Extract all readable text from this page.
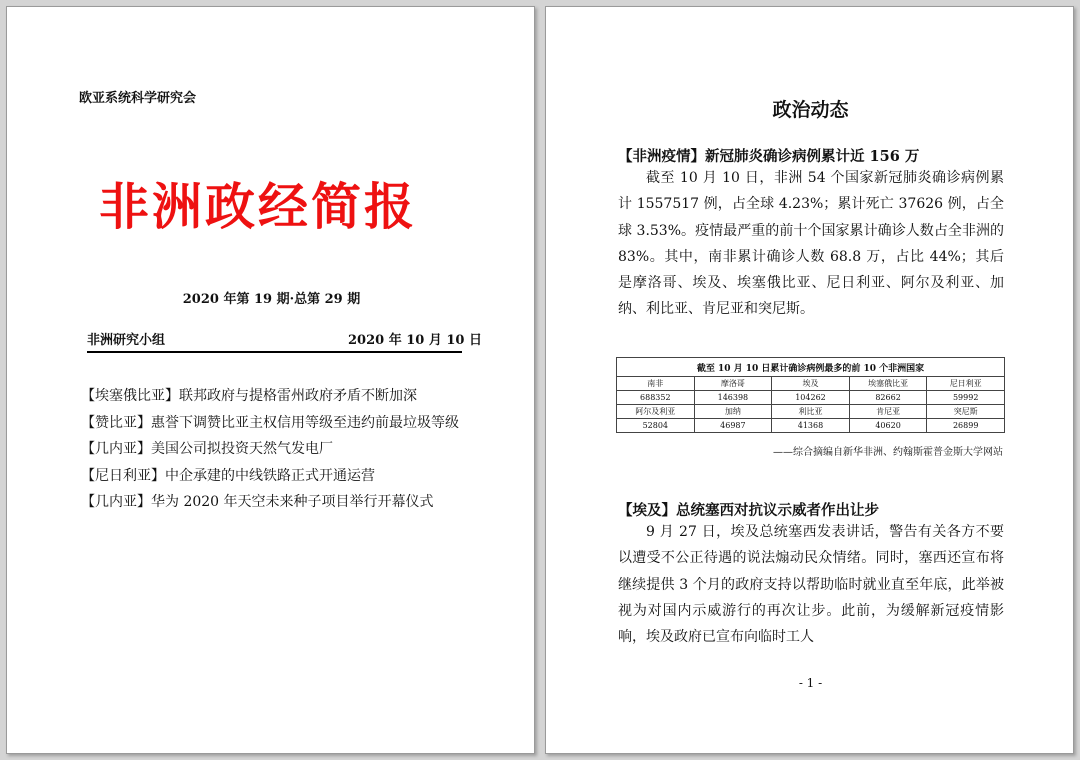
欧亚系统科学研究会
非洲政经简报
2020 年第 19 期·总第 29 期
非洲研究小组	2020 年 10 月 10 日
【埃塞俄比亚】 联邦政府与提格雷州政府矛盾不断加深
【赞比亚】 惠誉下调赞比亚主权信用等级至违约前最垃圾等级
【几内亚】 美国公司拟投资天然气发电厂
【尼日利亚】 中企承建的中线铁路正式开通运营
【几内亚】 华为 2020 年天空未来种子项目举行开幕仪式
政治动态
【非洲疫情】新冠肺炎确诊病例累计近 156 万

截至 10 月 10 日，非洲 54 个国家新冠肺炎确诊病例累计 1557517 例，占全球 4.23%；累计死亡 37626 例，占全球 3.53%。疫情最严重的前十个国家累计确诊人数占全非洲的 83%。其中，南非累计确诊人数 68.8 万，占比 44%；其后是摩洛哥、埃及、埃塞俄比亚、尼日利亚、阿尔及利亚、加纳、利比亚、肯尼亚和突尼斯。

截至 10 月 10 日累计确诊病例最多的前 10 个非洲国家				
南非	摩洛哥	埃及	埃塞俄比亚	尼日利亚
688352	146398	104262	82662	59992
阿尔及利亚	加纳	利比亚	肯尼亚	突尼斯
52804	46987	41368	40620	26899
——综合摘编自新华非洲、约翰斯霍普金斯大学网站
【埃及】总统塞西对抗议示威者作出让步

9 月 27 日，埃及总统塞西发表讲话，警告有关各方不要以遭受不公正待遇的说法煽动民众情绪。同时，塞西还宣布将继续提供 3 个月的政府支持以帮助临时就业直至年底，此举被视为对国内示威游行的再次让步。此前，为缓解新冠疫情影响，埃及政府已宣布向临时工人

- 1 -
